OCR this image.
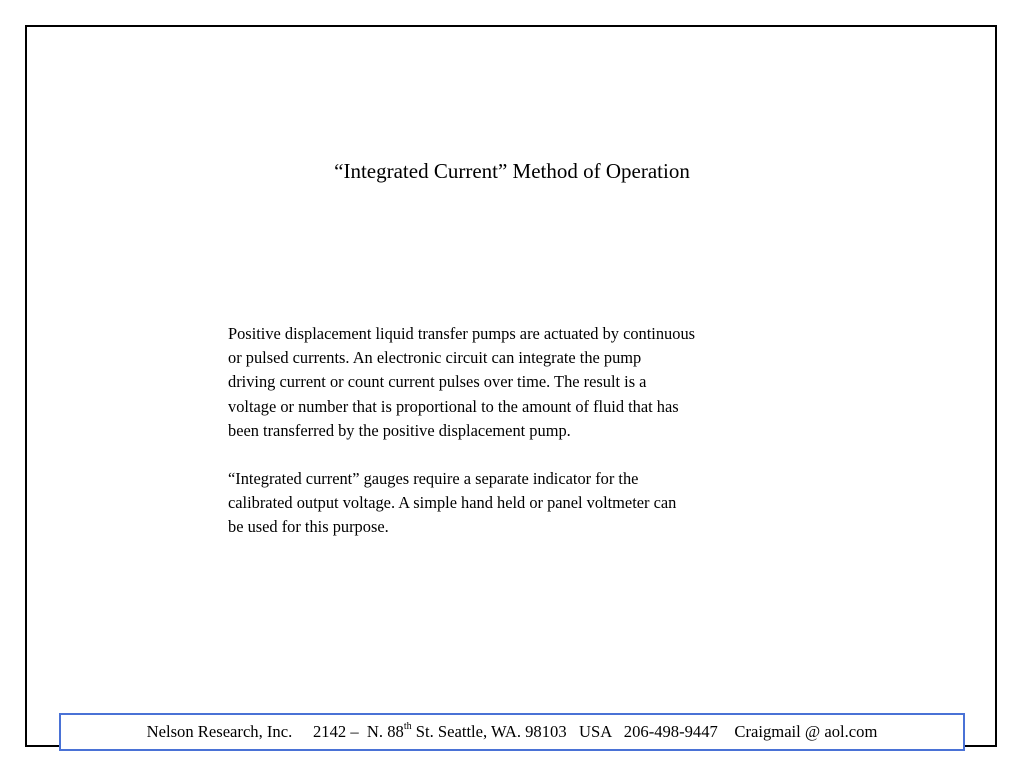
“Integrated Current” Method of Operation
Positive displacement liquid transfer pumps are actuated by continuous
or pulsed currents. An electronic circuit can integrate the pump
driving current or count current pulses over time. The result is a
voltage or number that is proportional to the amount of fluid that has
been transferred by the positive displacement pump.
“Integrated current” gauges require a separate indicator for the
calibrated output voltage. A simple hand held or panel voltmeter can
be used for this purpose.
Nelson Research, Inc. 2142 –  N. 88th St. Seattle, WA. 98103   USA 206-498-9447 Craigmail @ aol.com
